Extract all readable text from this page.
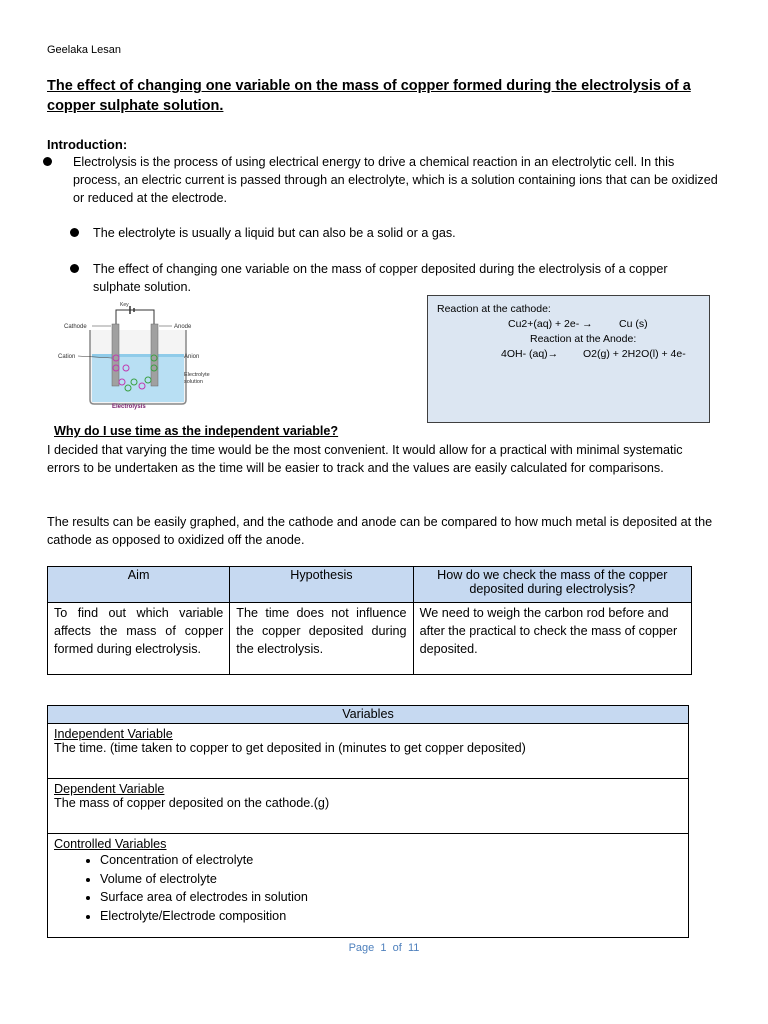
Geelaka Lesan
The effect of changing one variable on the mass of copper formed during the electrolysis of a copper sulphate solution.
Introduction:
Electrolysis is the process of using electrical energy to drive a chemical reaction in an electrolytic cell. In this process, an electric current is passed through an electrolyte, which is a solution containing ions that can be oxidized or reduced at the electrode.
The electrolyte is usually a liquid but can also be a solid or a gas.
The effect of changing one variable on the mass of copper deposited during the electrolysis of a copper sulphate solution.
Key
Cathode	Anode
Cation	Anion
Electrolyte
solution
Electrolysis
Reaction at the cathode:
Cu2+(aq) + 2e- →	Cu (s)
Reaction at the Anode:
4OH- (aq)→ O2(g) + 2H2O(l) + 4e-
Why do I use time as the independent variable?
I decided that varying the time would be the most convenient. It would allow for a practical with minimal systematic errors to be undertaken as the time will be easier to track and the values are easily calculated for comparisons.
The results can be easily graphed, and the cathode and anode can be compared to how much metal is deposited at the cathode as opposed to oxidized off the anode.
Aim	Hypothesis	How do we check the mass of the copper deposited during electrolysis?
To find out which variable affects the mass of copper formed during electrolysis.	The time does not influence the copper deposited during the electrolysis.	We need to weigh the carbon rod before and after the practical to check the mass of copper deposited.
Variables

Independent Variable
The time. (time taken to copper to get deposited in (minutes to get copper deposited)

Dependent Variable
The mass of copper deposited on the cathode.(g)

Controlled Variables
• Concentration of electrolyte
• Volume of electrolyte
• Surface area of electrodes in solution
• Electrolyte/Electrode composition
Page 1 of 11
